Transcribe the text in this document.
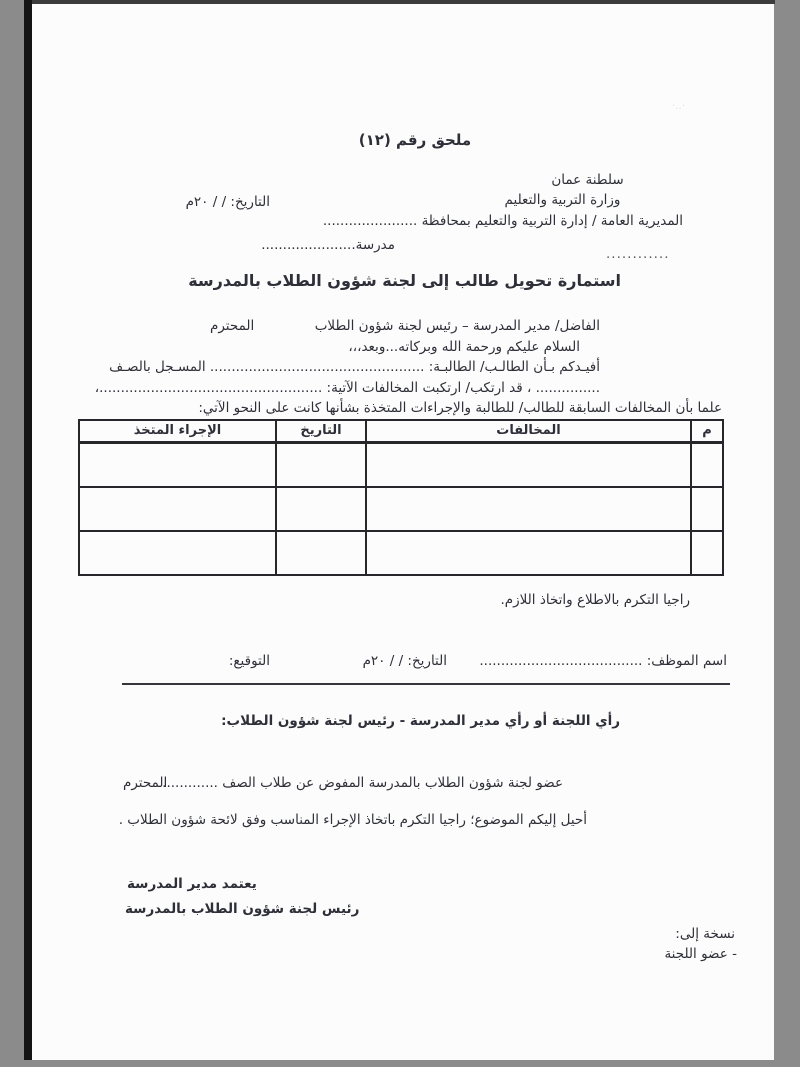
·‥·
ملحق رقم (١٢)
سلطنة عمان
وزارة التربية والتعليم
التاريخ: / / ٢٠م
المديرية العامة / إدارة التربية والتعليم بمحافظة ......................
مدرسة......................
............
استمارة تحويل طالب إلى لجنة شؤون الطلاب بالمدرسة
الفاضل/ مدير المدرسة – رئيس لجنة شؤون الطلاب
المحترم
السلام عليكم ورحمة الله وبركاته...وبعد،،،
أفيـدكم بـأن الطالـب/ الطالبـة: .................................................. المسـجل بالصـف
............... ، قد ارتكب/ ارتكبت المخالفات الآتية: ....................................................،
علما بأن المخالفات السابقة للطالب/ للطالبة والإجراءات المتخذة بشأنها كانت على النحو الآتي:
م	المخالفات	التاريخ	الإجراء المتخذ

راجيا التكرم بالاطلاع واتخاذ اللازم.
اسم الموظف: ......................................
التاريخ: / / ٢٠م
التوقيع:
رأي اللجنة أو رأي مدير المدرسة - رئيس لجنة شؤون الطلاب:
عضو لجنة شؤون الطلاب بالمدرسة المفوض عن طلاب الصف .............
المحترم
أحيل إليكم الموضوع؛ راجيا التكرم باتخاذ الإجراء المناسب وفق لائحة شؤون الطلاب .
يعتمد مدير المدرسة
رئيس لجنة شؤون الطلاب بالمدرسة
نسخة إلى:
- عضو اللجنة
